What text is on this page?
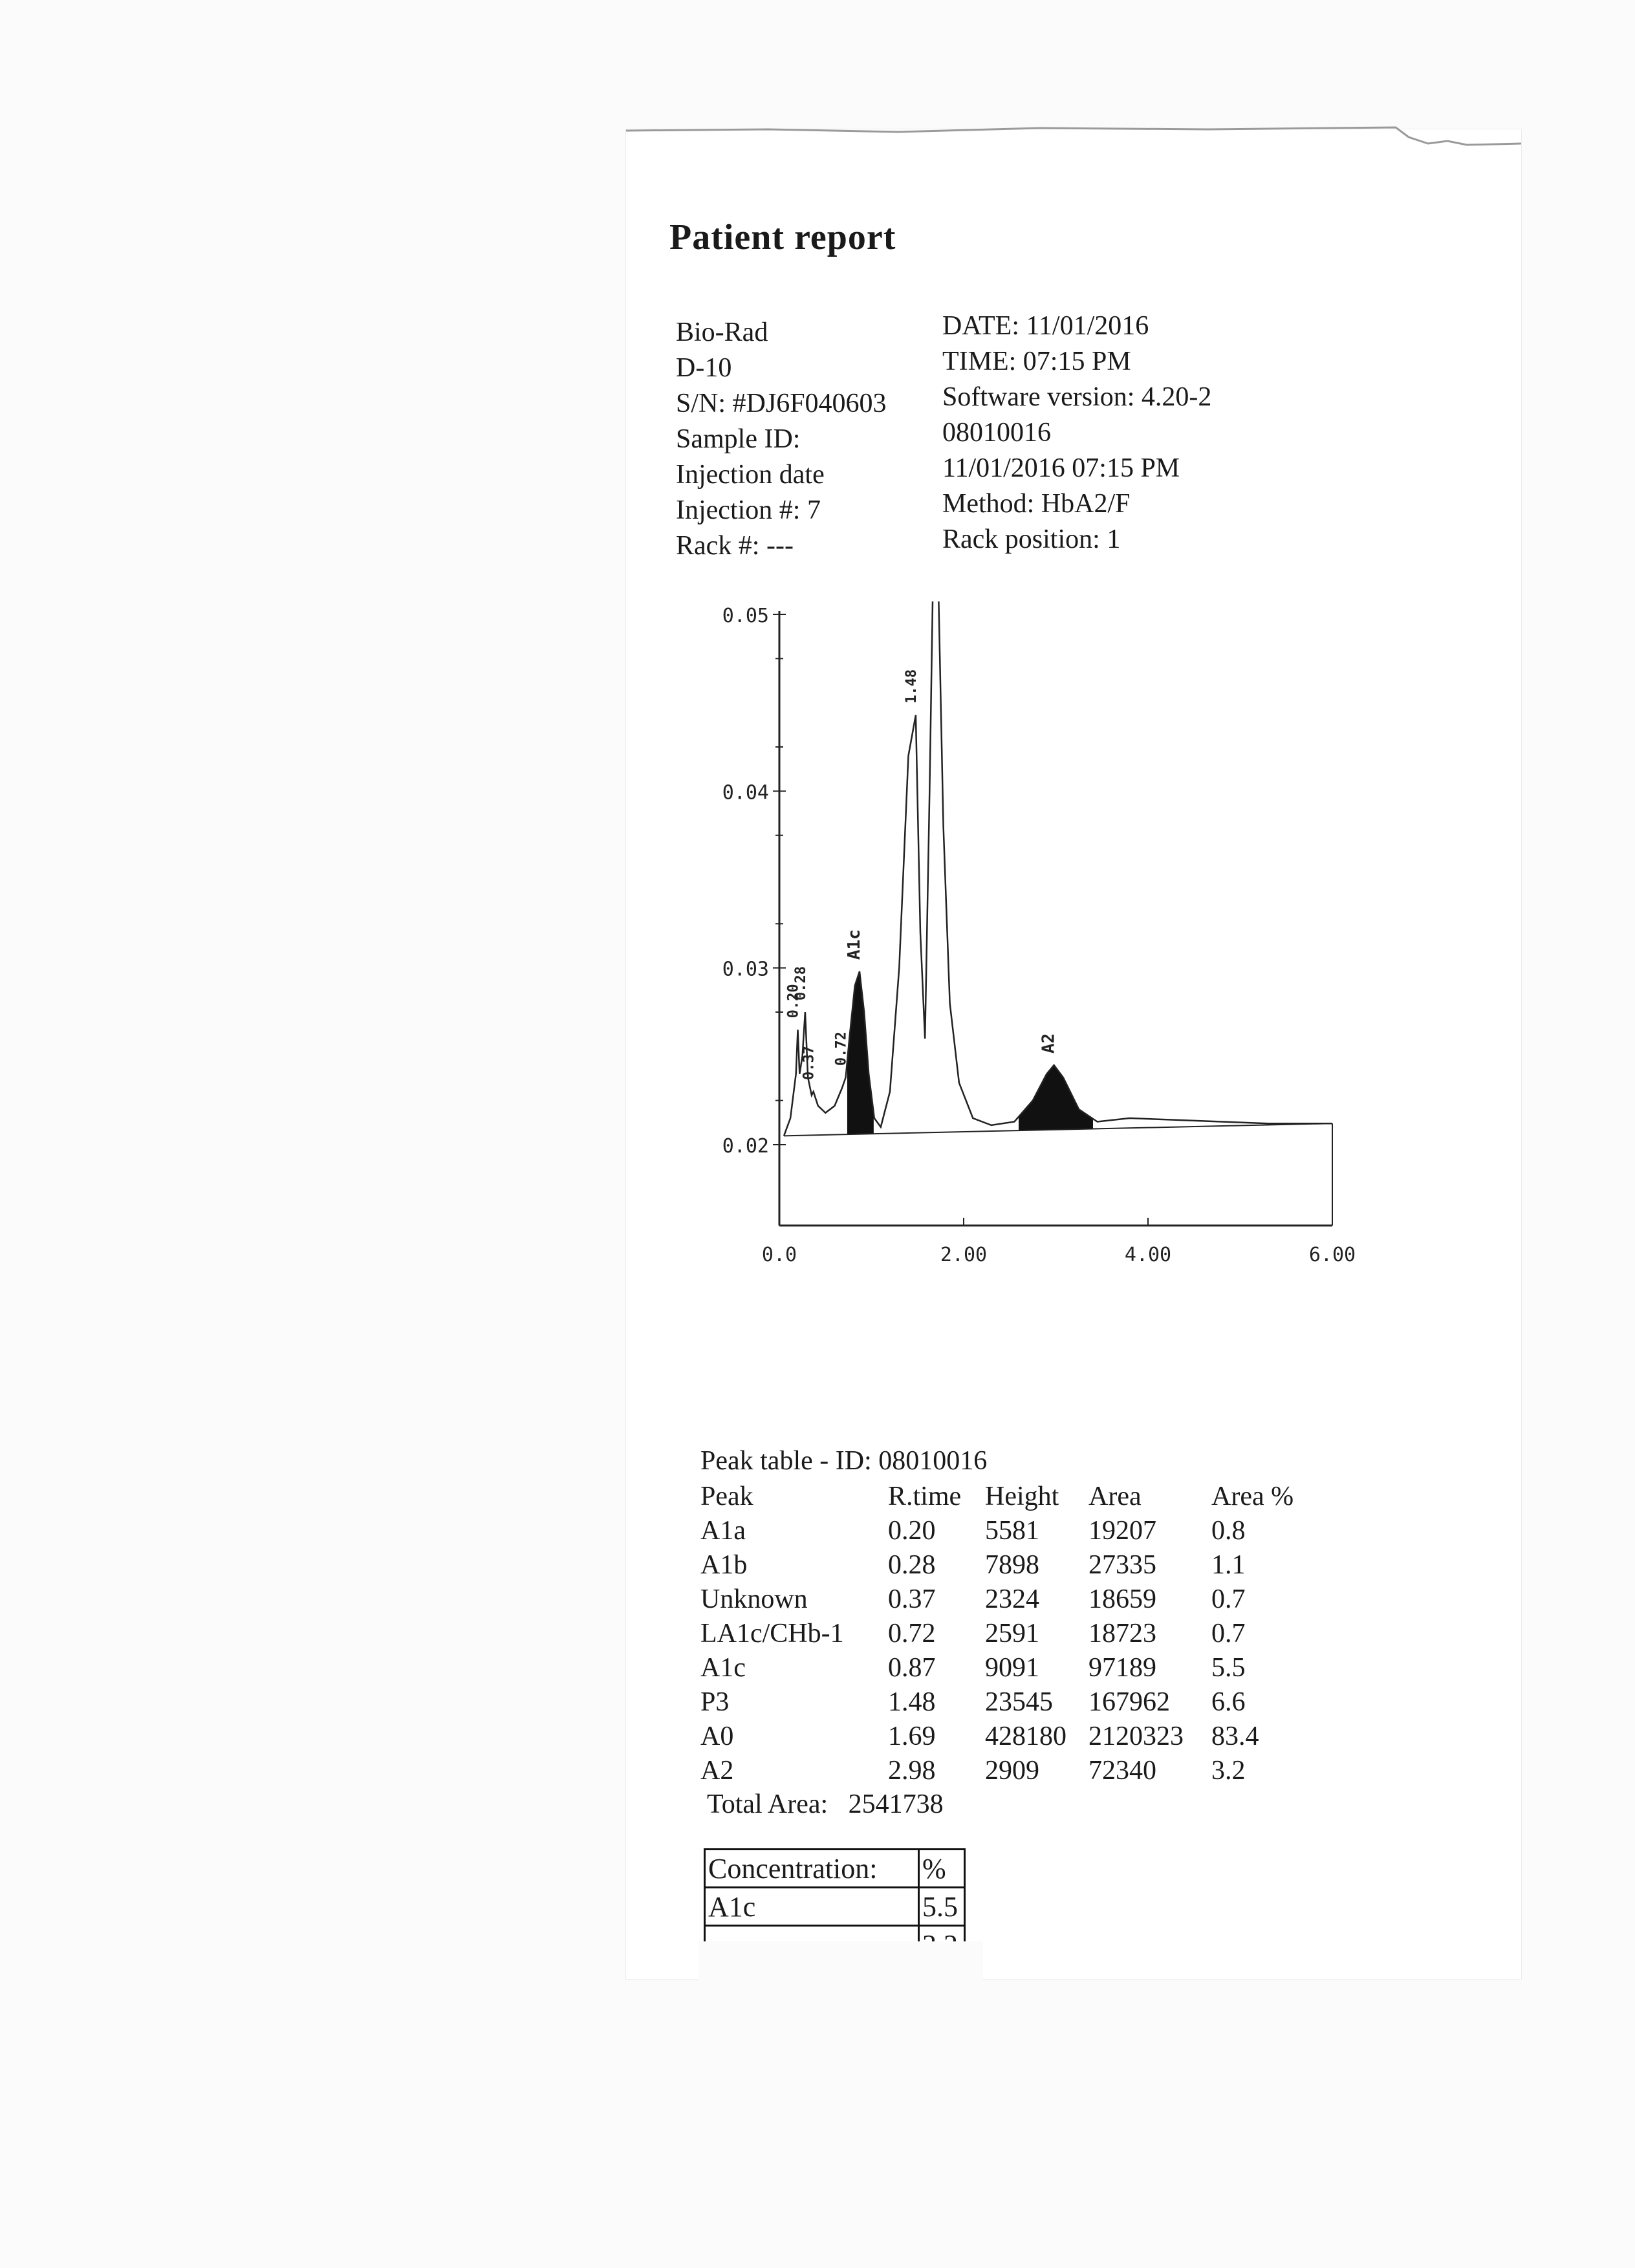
Patient report
Bio-Rad
D-10
S/N: #DJ6F040603
Sample ID:
Injection date
Injection #: 7
Rack #: ---
DATE: 11/01/2016
TIME: 07:15 PM
Software version: 4.20-2
08010016
11/01/2016 07:15 PM
Method: HbA2/F
Rack position: 1
0.02
0.03
0.04
0.05
0.0	2.00	4.00	6.00
0.20
0.28
0.37 0.72
A1c
1.48
A2
Peak table - ID: 08010016
Peak	R.time	Height	Area	Area %
A1a	0.20	5581	19207	0.8
A1b	0.28	7898	27335	1.1
Unknown	0.37	2324	18659	0.7
LA1c/CHb-1	0.72	2591	18723	0.7
A1c	0.87	9091	97189	5.5
P3	1.48	23545	167962	6.6
A0	1.69	428180	2120323	83.4
A2	2.98	2909	72340	3.2
Total Area: 2541738
Concentration:	%
A1c	5.5
